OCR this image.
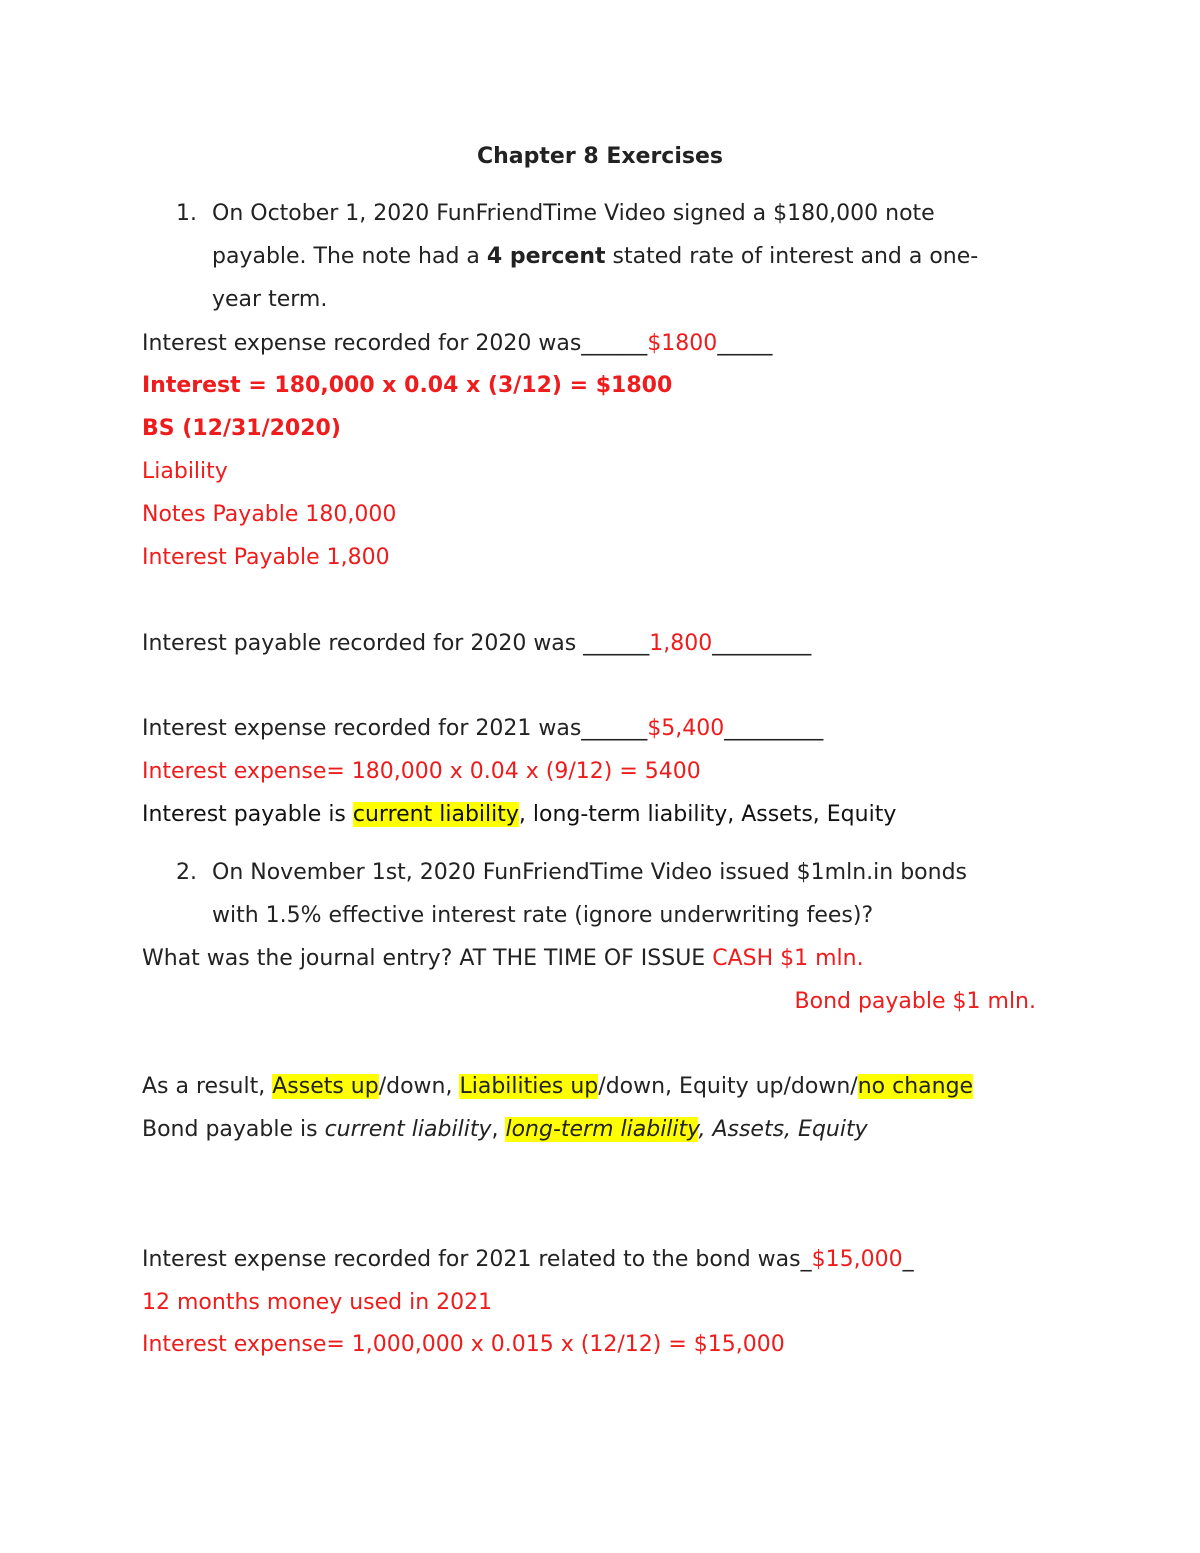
Chapter 8 Exercises
1. On October 1, 2020 FunFriendTime Video signed a $180,000 note
payable. The note had a 4 percent stated rate of interest and a one-
year term.
Interest expense recorded for 2020 was______$1800_____
Interest = 180,000 x 0.04 x (3/12) = $1800
BS (12/31/2020)
Liability
Notes Payable 180,000
Interest Payable 1,800
Interest payable recorded for 2020 was ______1,800_________
Interest expense recorded for 2021 was______$5,400_________
Interest expense= 180,000 x 0.04 x (9/12) = 5400
Interest payable is current liability, long-term liability, Assets, Equity
2. On November 1st, 2020 FunFriendTime Video issued $1mln.in bonds
with 1.5% effective interest rate (ignore underwriting fees)?
What was the journal entry? AT THE TIME OF ISSUE CASH $1 mln.
Bond payable $1 mln.
As a result, Assets up/down, Liabilities up/down, Equity up/down/no change
Bond payable is current liability, long-term liability, Assets, Equity
Interest expense recorded for 2021 related to the bond was_$15,000_
12 months money used in 2021
Interest expense= 1,000,000 x 0.015 x (12/12) = $15,000
